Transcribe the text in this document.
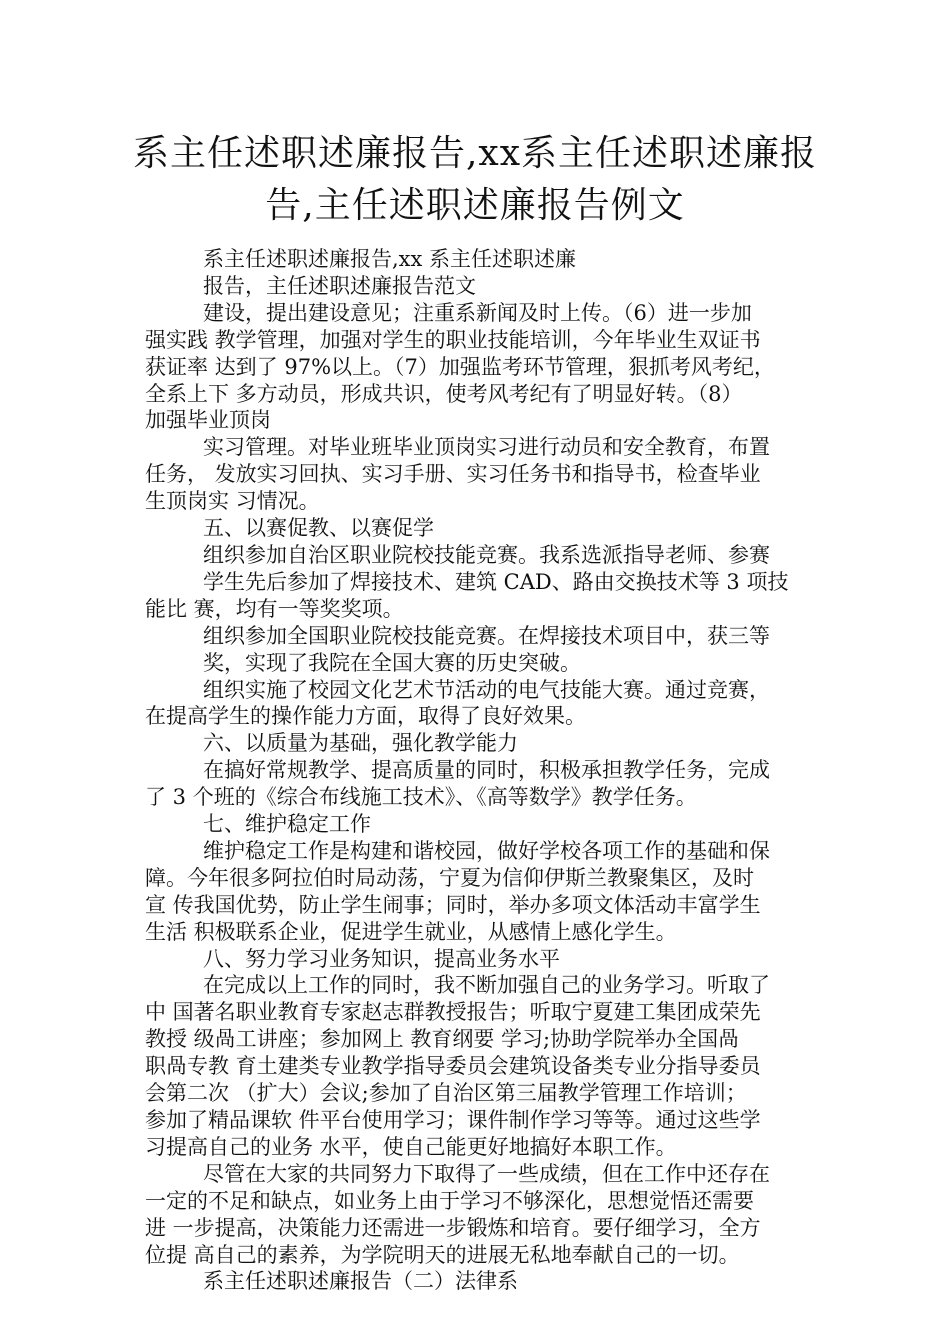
系主任述职述廉报告,xx系主任述职述廉报
告,主任述职述廉报告例文

系主任述职述廉报告,xx 系主任述职述廉

报告，主任述职述廉报告范文

建设，提出建设意见；注重系新闻及时上传。（6）进一步加

强实践 教学管理，加强对学生的职业技能培训，今年毕业生双证书

获证率 达到了 97%以上。（7）加强监考环节管理，狠抓考风考纪，

全系上下 多方动员，形成共识，使考风考纪有了明显好转。（8）

加强毕业顶岗

实习管理。对毕业班毕业顶岗实习进行动员和安全教育，布置

任务， 发放实习回执、实习手册、实习任务书和指导书，检查毕业

生顶岗实 习情况。

五、以赛促教、以赛促学

组织参加自治区职业院校技能竞赛。我系选派指导老师、参赛

学生先后参加了焊接技术、建筑 CAD、路由交换技术等 3 项技

能比 赛，均有一等奖奖项。

组织参加全国职业院校技能竞赛。在焊接技术项目中，获三等

奖，实现了我院在全国大赛的历史突破。

组织实施了校园文化艺术节活动的电气技能大赛。通过竞赛，

在提高学生的操作能力方面，取得了良好效果。

六、以质量为基础，强化教学能力

在搞好常规教学、提高质量的同时，积极承担教学任务，完成

了 3 个班的《综合布线施工技术》、《高等数学》教学任务。

七、维护稳定工作

维护稳定工作是构建和谐校园，做好学校各项工作的基础和保

障。今年很多阿拉伯时局动荡，宁夏为信仰伊斯兰教聚集区，及时

宣 传我国优势，防止学生闹事；同时，举办多项文体活动丰富学生

生活 积极联系企业，促进学生就业，从感情上感化学生。

八、努力学习业务知识，提高业务水平

在完成以上工作的同时，我不断加强自己的业务学习。听取了

中 国著名职业教育专家赵志群教授报告；听取宁夏建工集团成荣先

教授 级咼工讲座；参加网上 教育纲要 学习;协助学院举办全国咼

职咼专教 育土建类专业教学指导委员会建筑设备类专业分指导委员

会第二次 （扩大）会议;参加了自治区第三届教学管理工作培训；

参加了精品课软 件平台使用学习；课件制作学习等等。通过这些学

习提高自己的业务 水平，使自己能更好地搞好本职工作。

尽管在大家的共同努力下取得了一些成绩，但在工作中还存在

一定的不足和缺点，如业务上由于学习不够深化，思想觉悟还需要

进 一步提高，决策能力还需进一步锻炼和培育。要仔细学习，全方

位提 高自己的素养，为学院明天的进展无私地奉献自己的一切。

系主任述职述廉报告（二）法律系
